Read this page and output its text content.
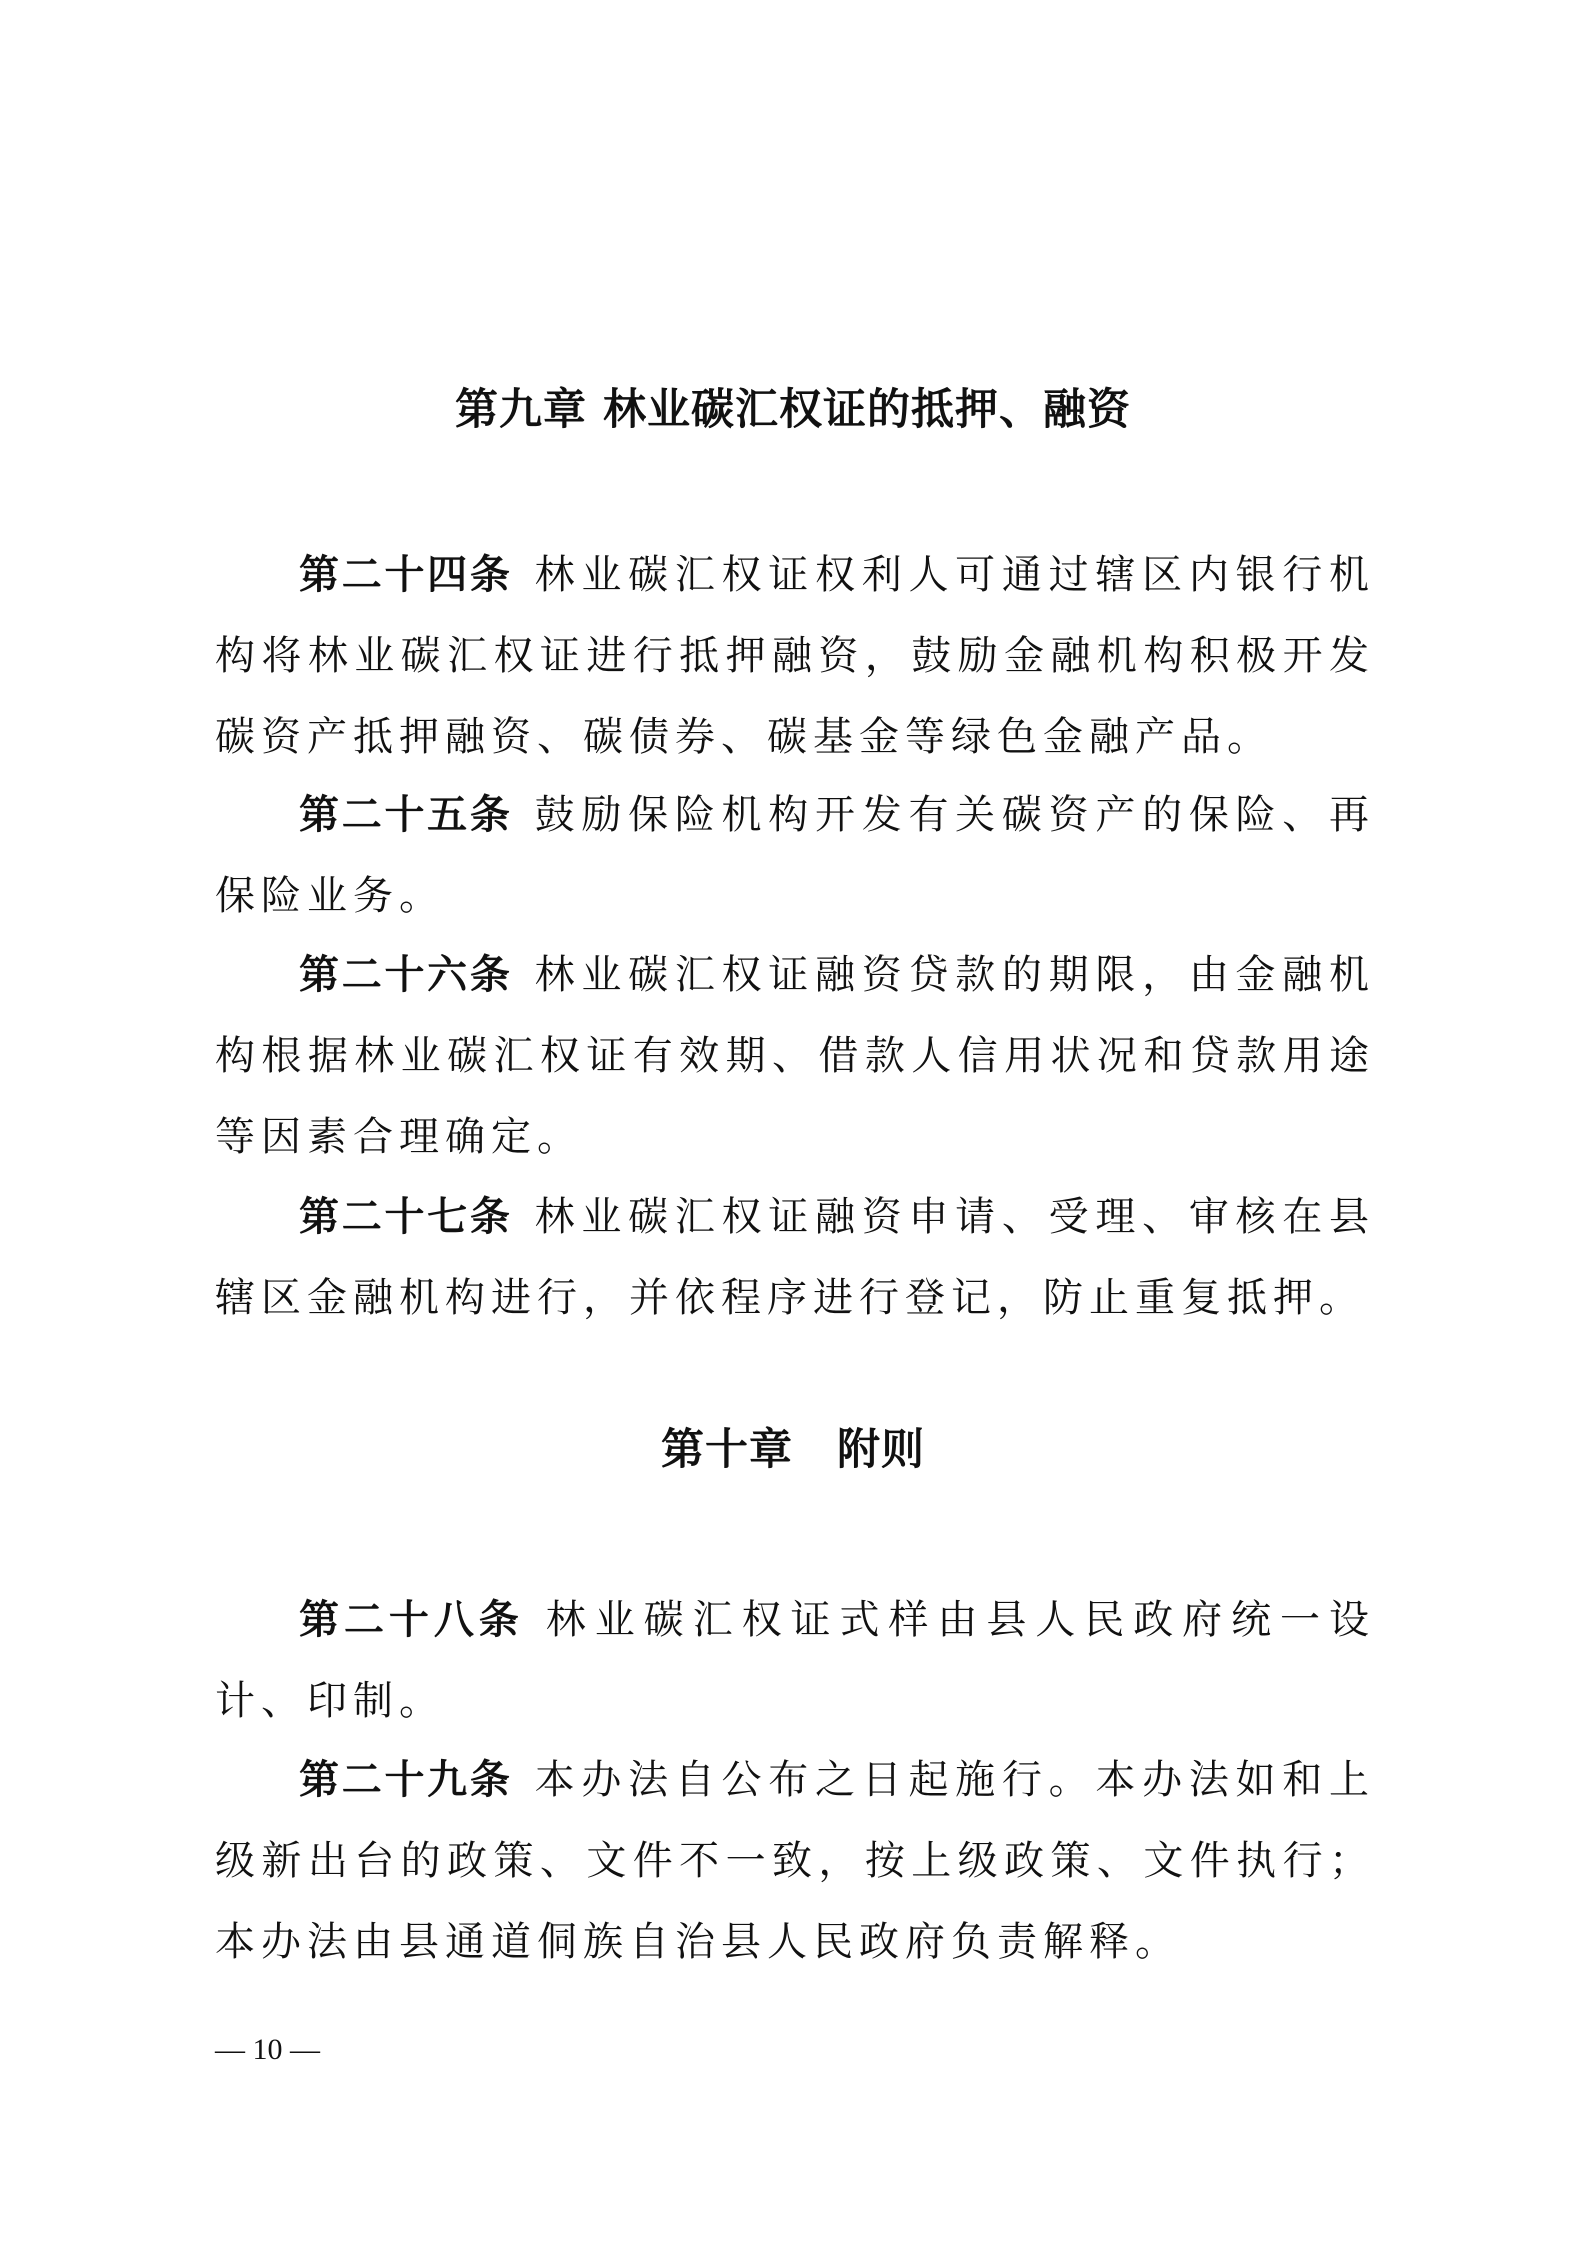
第九章 林业碳汇权证的抵押、融资

第二十四条 林业碳汇权证权利人可通过辖区内银行机构将林业碳汇权证进行抵押融资，鼓励金融机构积极开发碳资产抵押融资、碳债券、碳基金等绿色金融产品。

第二十五条 鼓励保险机构开发有关碳资产的保险、再保险业务。

第二十六条 林业碳汇权证融资贷款的期限，由金融机构根据林业碳汇权证有效期、借款人信用状况和贷款用途等因素合理确定。

第二十七条 林业碳汇权证融资申请、受理、审核在县辖区金融机构进行，并依程序进行登记，防止重复抵押。

第十章　附则

第二十八条 林业碳汇权证式样由县人民政府统一设计、印制。

第二十九条 本办法自公布之日起施行。本办法如和上级新出台的政策、文件不一致，按上级政策、文件执行；本办法由县通道侗族自治县人民政府负责解释。

— 10 —
